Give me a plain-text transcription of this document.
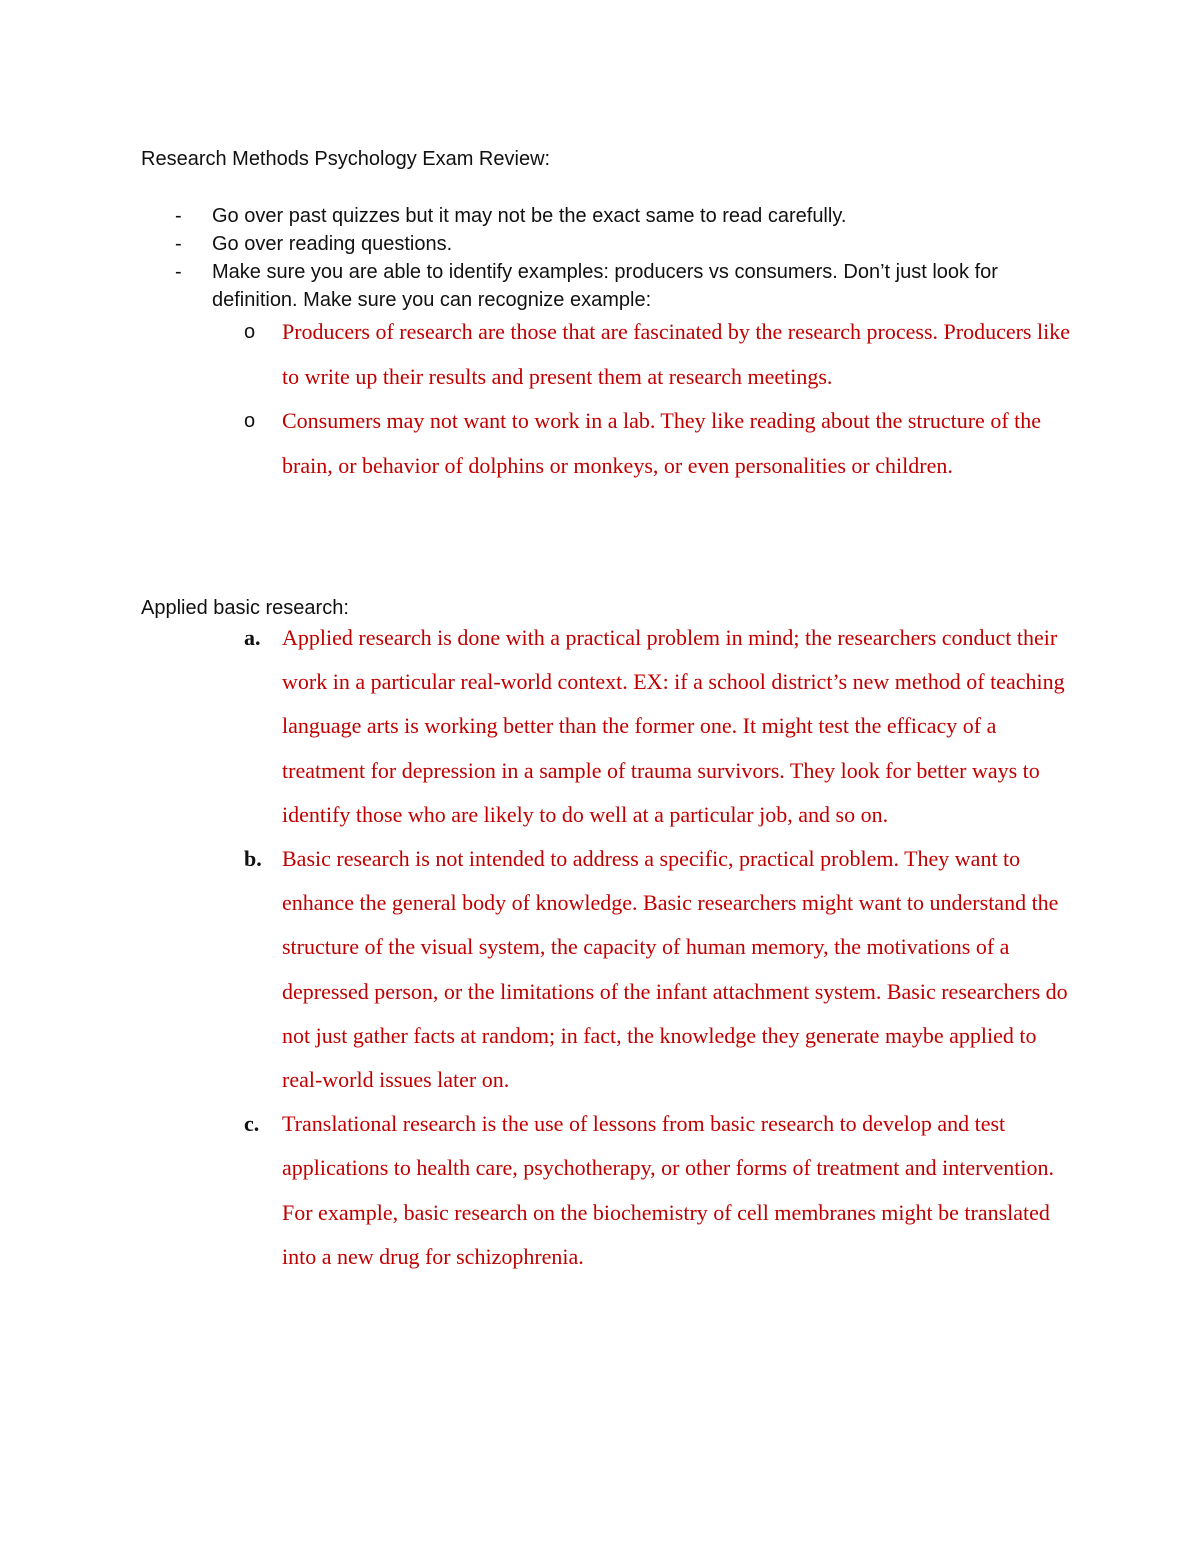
Research Methods Psychology Exam Review:
- Go over past quizzes but it may not be the exact same to read carefully.
- Go over reading questions.
- Make sure you are able to identify examples: producers vs consumers. Don’t just look for definition. Make sure you can recognize example:
o Producers of research are those that are fascinated by the research process. Producers like to write up their results and present them at research meetings.
o Consumers may not want to work in a lab. They like reading about the structure of the brain, or behavior of dolphins or monkeys, or even personalities or children.
Applied basic research:
a. Applied research is done with a practical problem in mind; the researchers conduct their work in a particular real-world context. EX: if a school district’s new method of teaching language arts is working better than the former one. It might test the efficacy of a treatment for depression in a sample of trauma survivors. They look for better ways to identify those who are likely to do well at a particular job, and so on.
b. Basic research is not intended to address a specific, practical problem. They want to enhance the general body of knowledge. Basic researchers might want to understand the structure of the visual system, the capacity of human memory, the motivations of a depressed person, or the limitations of the infant attachment system. Basic researchers do not just gather facts at random; in fact, the knowledge they generate maybe applied to real-world issues later on.
c. Translational research is the use of lessons from basic research to develop and test applications to health care, psychotherapy, or other forms of treatment and intervention. For example, basic research on the biochemistry of cell membranes might be translated into a new drug for schizophrenia.
